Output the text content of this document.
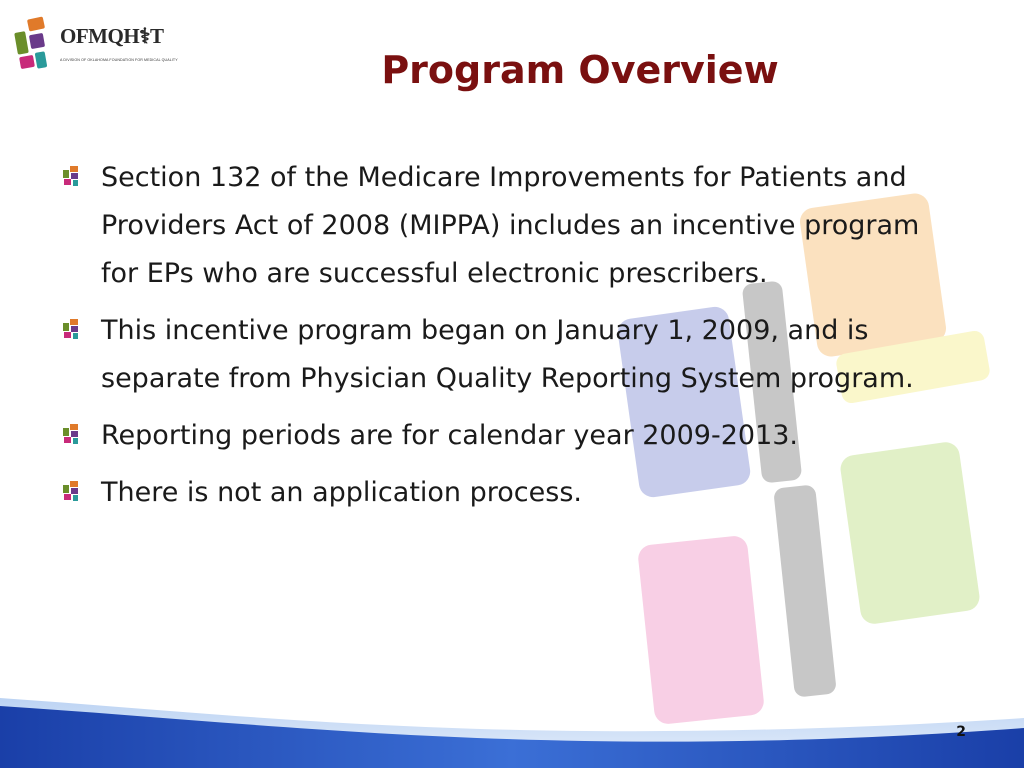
OFMQH⚕T
A DIVISION OF OKLAHOMA FOUNDATION FOR MEDICAL QUALITY	Program Overview
Section 132 of the Medicare Improvements for Patients and Providers Act of 2008 (MIPPA) includes an incentive program for EPs who are successful electronic prescribers.
This incentive program began on January 1, 2009, and is separate from Physician Quality Reporting System program.
Reporting periods are for calendar year 2009-2013.
There is not an application process.
2
